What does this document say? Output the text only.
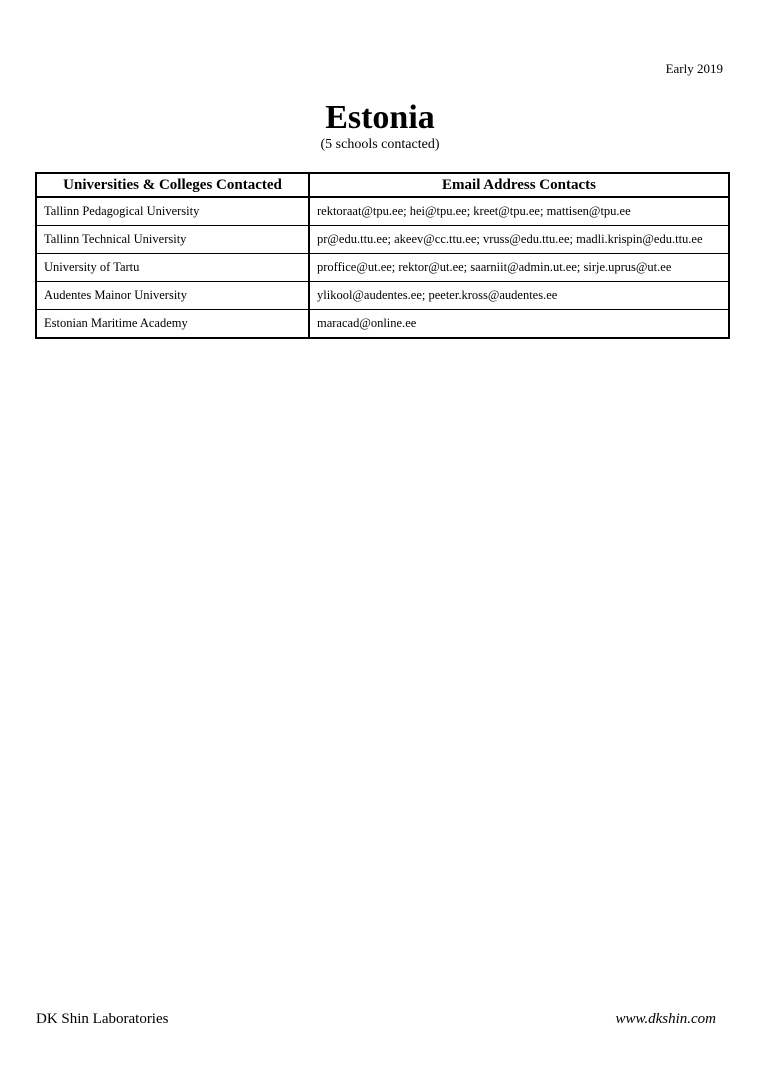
Early 2019
Estonia
(5 schools contacted)
Universities & Colleges Contacted	Email Address Contacts
Tallinn Pedagogical University	rektoraat@tpu.ee; hei@tpu.ee; kreet@tpu.ee; mattisen@tpu.ee
Tallinn Technical University	pr@edu.ttu.ee; akeev@cc.ttu.ee; vruss@edu.ttu.ee; madli.krispin@edu.ttu.ee
University of Tartu	proffice@ut.ee; rektor@ut.ee; saarniit@admin.ut.ee; sirje.uprus@ut.ee
Audentes Mainor University	ylikool@audentes.ee; peeter.kross@audentes.ee
Estonian Maritime Academy	maracad@online.ee
DK Shin Laboratories	www.dkshin.com
